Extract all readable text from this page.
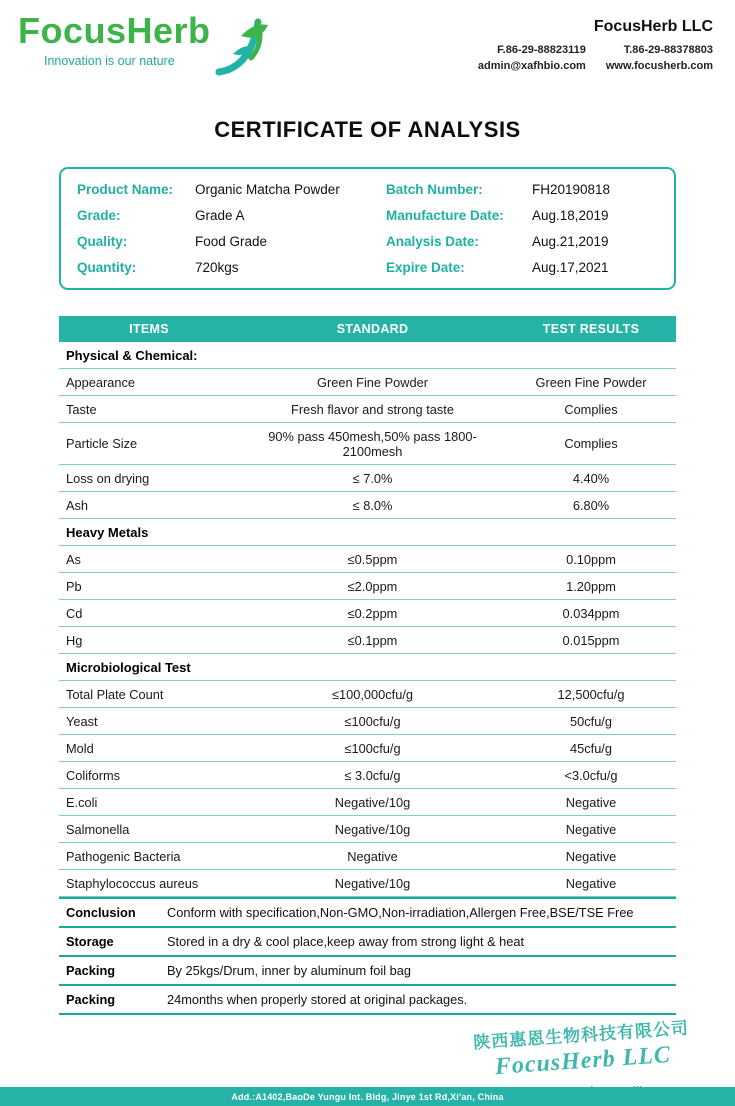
FocusHerb
Innovation is our nature
FocusHerb LLC
F.86-29-88823119	T.86-29-88378803
admin@xafhbio.com www.focusherb.com
CERTIFICATE OF ANALYSIS
Product Name:	Organic Matcha Powder	Batch Number:	FH20190818
Grade:	Grade A	Manufacture Date:	Aug.18,2019
Quality:	Food Grade	Analysis Date:	Aug.21,2019
Quantity:	720kgs	Expire Date:	Aug.17,2021
ITEMS	STANDARD	TEST RESULTS
Physical & Chemical:
Appearance	Green Fine Powder	Green Fine Powder
Taste	Fresh flavor and strong taste	Complies
Particle Size	90% pass 450mesh,50% pass 1800-2100mesh	Complies
Loss on drying	≤ 7.0%	4.40%
Ash	≤ 8.0%	6.80%
Heavy Metals
As	≤0.5ppm	0.10ppm
Pb	≤2.0ppm	1.20ppm
Cd	≤0.2ppm	0.034ppm
Hg	≤0.1ppm	0.015ppm
Microbiological Test
Total Plate Count	≤100,000cfu/g	12,500cfu/g
Yeast	≤100cfu/g	50cfu/g
Mold	≤100cfu/g	45cfu/g
Coliforms	≤ 3.0cfu/g	<3.0cfu/g
E.coli	Negative/10g	Negative
Salmonella	Negative/10g	Negative
Pathogenic Bacteria	Negative	Negative
Staphylococcus aureus	Negative/10g	Negative
Conclusion	Conform with specification,Non-GMO,Non-irradiation,Allergen Free,BSE/TSE Free
Storage	Stored in a dry & cool place,keep away from strong light & heat
Packing	By 25kgs/Drum, inner by aluminum foil bag
Packing	24months when properly stored at original packages.
陕西惠恩生物科技有限公司
FocusHerb LLC
Add.:A1402,BaoDe Yungu Int. Bldg, Jinye 1st Rd,Xi'an, China
